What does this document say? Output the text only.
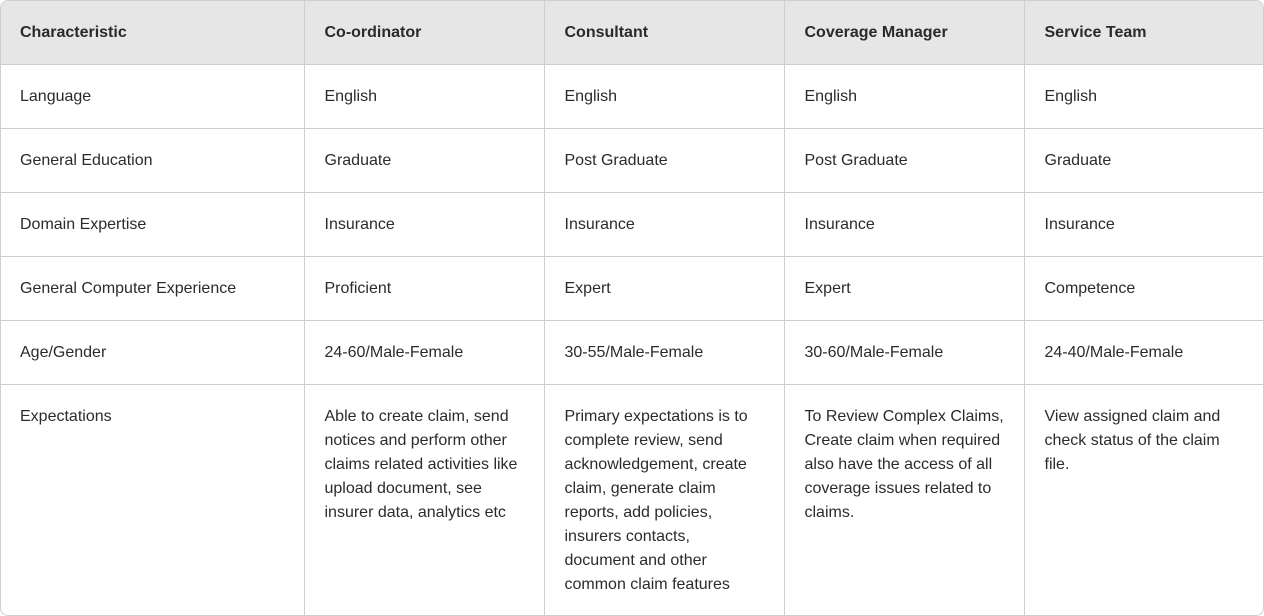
Characteristic	Co-ordinator	Consultant	Coverage Manager	Service Team
Language	English	English	English	English
General Education	Graduate	Post Graduate	Post Graduate	Graduate
Domain Expertise	Insurance	Insurance	Insurance	Insurance
General Computer Experience	Proficient	Expert	Expert	Competence
Age/Gender	24-60/Male-Female	30-55/Male-Female	30-60/Male-Female	24-40/Male-Female
Expectations	Able to create claim, send notices and perform other claims related activities like upload document, see insurer data, analytics etc	Primary expectations is to complete review, send acknowledgement, create claim, generate claim reports, add policies, insurers contacts, document and other common claim features	To Review Complex Claims, Create claim when required also have the access of all coverage issues related to claims.	View assigned claim and check status of the claim file.
